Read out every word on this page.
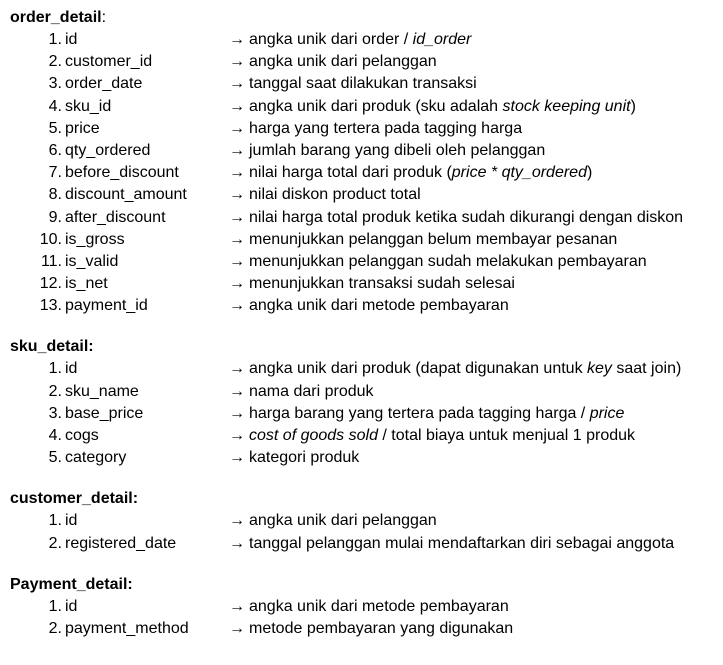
order_detail:
1. id	→ angka unik dari order / id_order
2. customer_id	→ angka unik dari pelanggan
3. order_date	→ tanggal saat dilakukan transaksi
4. sku_id	→ angka unik dari produk (sku adalah stock keeping unit)
5. price	→ harga yang tertera pada tagging harga
6. qty_ordered	→ jumlah barang yang dibeli oleh pelanggan
7. before_discount	→ nilai harga total dari produk (price * qty_ordered)
8. discount_amount	→ nilai diskon product total
9. after_discount	→ nilai harga total produk ketika sudah dikurangi dengan diskon
10. is_gross	→ menunjukkan pelanggan belum membayar pesanan
11. is_valid	→ menunjukkan pelanggan sudah melakukan pembayaran
12. is_net	→ menunjukkan transaksi sudah selesai
13. payment_id	→ angka unik dari metode pembayaran
sku_detail:
1. id	→ angka unik dari produk (dapat digunakan untuk key saat join)
2. sku_name	→ nama dari produk
3. base_price	→ harga barang yang tertera pada tagging harga / price
4. cogs	→ cost of goods sold / total biaya untuk menjual 1 produk
5. category	→ kategori produk
customer_detail:
1. id	→ angka unik dari pelanggan
2. registered_date	→ tanggal pelanggan mulai mendaftarkan diri sebagai anggota
Payment_detail:
1. id	→ angka unik dari metode pembayaran
2. payment_method	→ metode pembayaran yang digunakan
